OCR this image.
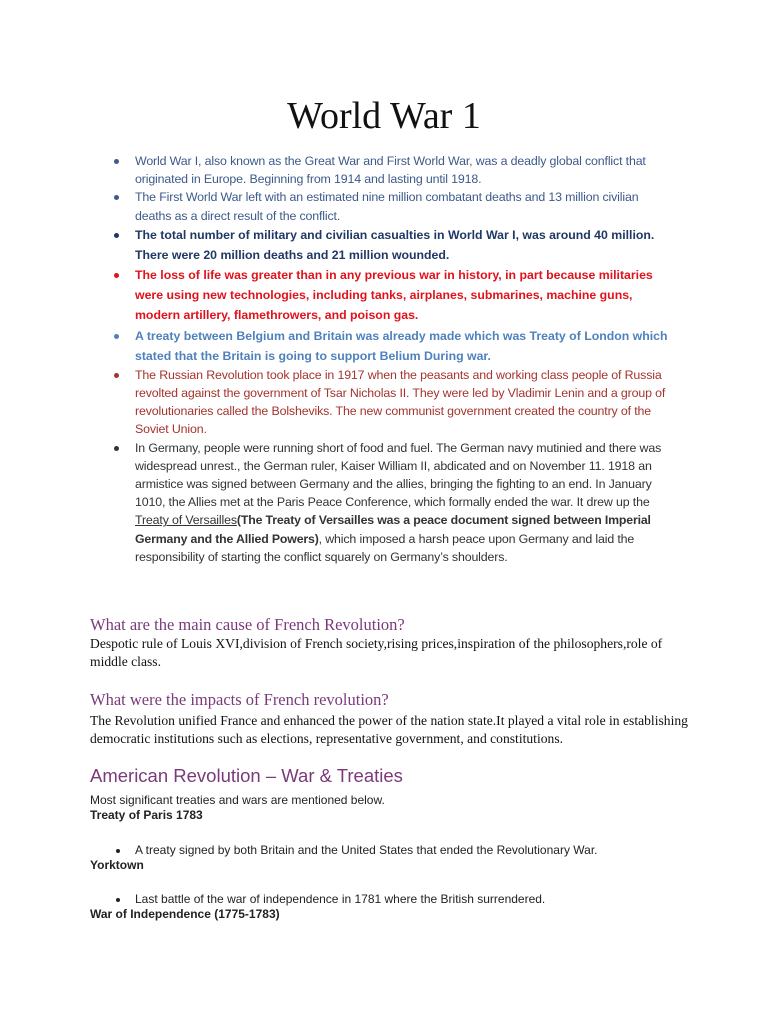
World War 1
World War I, also known as the Great War and First World War, was a deadly global conflict that originated in Europe. Beginning from 1914 and lasting until 1918.
The First World War left with an estimated nine million combatant deaths and 13 million civilian deaths as a direct result of the conflict.
The total number of military and civilian casualties in World War I, was around 40 million. There were 20 million deaths and 21 million wounded.
The loss of life was greater than in any previous war in history, in part because militaries were using new technologies, including tanks, airplanes, submarines, machine guns, modern artillery, flamethrowers, and poison gas.
A treaty between Belgium and Britain was already made which was Treaty of London which stated that the Britain is going to support Belium During war.
The Russian Revolution took place in 1917 when the peasants and working class people of Russia revolted against the government of Tsar Nicholas II. They were led by Vladimir Lenin and a group of revolutionaries called the Bolsheviks. The new communist government created the country of the Soviet Union.
In Germany, people were running short of food and fuel. The German navy mutinied and there was widespread unrest., the German ruler, Kaiser William II, abdicated and on November 11. 1918 an armistice was signed between Germany and the allies, bringing the fighting to an end. In January 1010, the Allies met at the Paris Peace Conference, which formally ended the war. It drew up the Treaty of Versailles(The Treaty of Versailles was a peace document signed between Imperial Germany and the Allied Powers), which imposed a harsh peace upon Germany and laid the responsibility of starting the conflict squarely on Germany’s shoulders.
What are the main cause of French Revolution?
Despotic rule of Louis XVI,division of French society,rising prices,inspiration of the philosophers,role of middle class.
What were the impacts of French revolution?
The Revolution unified France and enhanced the power of the nation state.It played a vital role in establishing democratic institutions such as elections, representative government, and constitutions.
American Revolution – War & Treaties
Most significant treaties and wars are mentioned below.
Treaty of Paris 1783
A treaty signed by both Britain and the United States that ended the Revolutionary War.
Yorktown
Last battle of the war of independence in 1781 where the British surrendered.
War of Independence (1775-1783)
